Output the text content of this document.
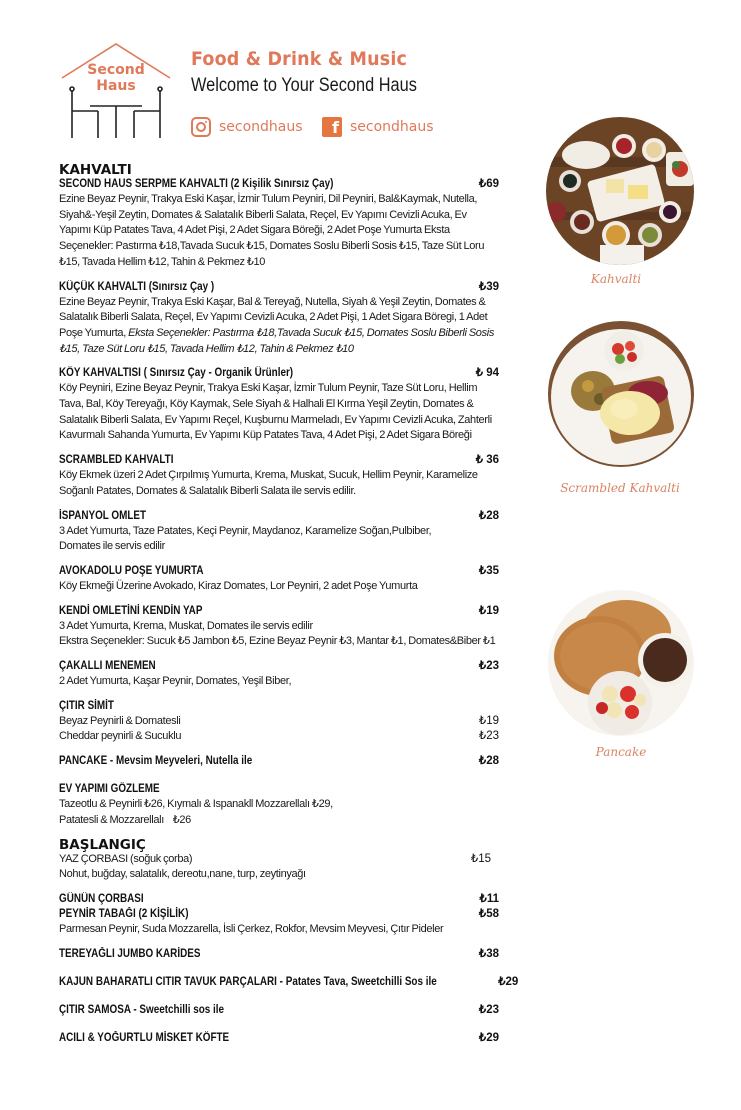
Second
Haus
Food & Drink & Music
Welcome to Your Second Haus
secondhaus	f secondhaus
KAHVALTI
SECOND HAUS SERPME KAHVALTI (2 Kişilik Sınırsız Çay)	₺69
Ezine Beyaz Peynir, Trakya Eski Kaşar, İzmir Tulum Peyniri, Dil Peyniri, Bal&Kaymak, Nutella, Siyah&-Yeşil Zeytin, Domates & Salatalık Biberli Salata, Reçel, Ev Yapımı Cevizli Acuka, Ev Yapımı Küp Patates Tava, 4 Adet Pişi, 2 Adet Sigara Böreği, 2 Adet Poşe Yumurta Eksta Seçenekler: Pastırma ₺18,Tavada Sucuk ₺15, Domates Soslu Biberli Sosis ₺15, Taze Süt Loru ₺15, Tavada Hellim ₺12, Tahin & Pekmez ₺10
KÜÇÜK KAHVALTI (Sınırsız Çay )	₺39
Ezine Beyaz Peynir, Trakya Eski Kaşar, Bal & Tereyağ, Nutella, Siyah & Yeşil Zeytin, Domates & Salatalık Biberli Salata, Reçel, Ev Yapımı Cevizli Acuka, 2 Adet Pişi, 1 Adet Sigara Böregi, 1 Adet Poşe Yumurta, Eksta Seçenekler: Pastırma ₺18,Tavada Sucuk ₺15, Domates Soslu Biberli Sosis ₺15, Taze Süt Loru ₺15, Tavada Hellim ₺12, Tahin & Pekmez ₺10
KÖY KAHVALTISI ( Sınırsız Çay - Organik Ürünler)	₺ 94
Köy Peyniri, Ezine Beyaz Peynir, Trakya Eski Kaşar, İzmir Tulum Peynir, Taze Süt Loru, Hellim Tava, Bal, Köy Tereyağı, Köy Kaymak, Sele Siyah & Halhali El Kırma Yeşil Zeytin, Domates & Salatalık Biberli Salata, Ev Yapımı Reçel, Kuşburnu Marmeladı, Ev Yapımı Cevizli Acuka, Zahterli Kavurmalı Sahanda Yumurta, Ev Yapımı Küp Patates Tava, 4 Adet Pişi, 2 Adet Sigara Böreği
SCRAMBLED KAHVALTI	₺ 36
Köy Ekmek üzeri 2 Adet Çırpılmış Yumurta, Krema, Muskat, Sucuk, Hellim Peynir, Karamelize Soğanlı Patates, Domates & Salatalık Biberli Salata ile servis edilir.
İSPANYOL OMLET	₺28
3 Adet Yumurta, Taze Patates, Keçi Peynir, Maydanoz, Karamelize Soğan,Pulbiber, Domates ile servis edilir
AVOKADOLU POŞE YUMURTA	₺35
Köy Ekmeği Üzerine Avokado, Kiraz Domates, Lor Peyniri, 2 adet Poşe Yumurta
KENDİ OMLETİNİ KENDİN YAP	₺19
3 Adet Yumurta, Krema, Muskat, Domates ile servis edilir
Ekstra Seçenekler: Sucuk ₺5 Jambon ₺5, Ezine Beyaz Peynir ₺3, Mantar ₺1, Domates&Biber ₺1
ÇAKALLI MENEMEN	₺23
2 Adet Yumurta, Kaşar Peynir, Domates, Yeşil Biber,
ÇITIR SİMİT
Beyaz Peynirli & Domatesli	₺19
Cheddar peynirli & Sucuklu	₺23
PANCAKE - Mevsim Meyveleri, Nutella ile	₺28
EV YAPIMI GÖZLEME
Tazeotlu & Peynirli ₺26, Kıymalı & Ispanakll Mozzarellalı ₺29,
Patatesli & Mozzarellalı    ₺26
BAŞLANGIÇ
YAZ ÇORBASI (soğuk çorba)	₺15
Nohut, buğday, salatalık, dereotu,nane, turp, zeytinyağı
GÜNÜN ÇORBASI	₺11
PEYNİR TABAĞI (2 KİŞİLİK)	₺58
Parmesan Peynir, Suda Mozzarella, İsli Çerkez, Rokfor, Mevsim Meyvesi, Çıtır Pideler
TEREYAĞLI JUMBO KARİDES	₺38
KAJUN BAHARATLI CITIR TAVUK PARÇALARI - Patates Tava, Sweetchilli Sos ile	₺29
ÇITIR SAMOSA - Sweetchilli sos ile	₺23
ACILI & YOĞURTLU MİSKET KÖFTE	₺29
Kahvalti
Scrambled Kahvalti
Pancake
